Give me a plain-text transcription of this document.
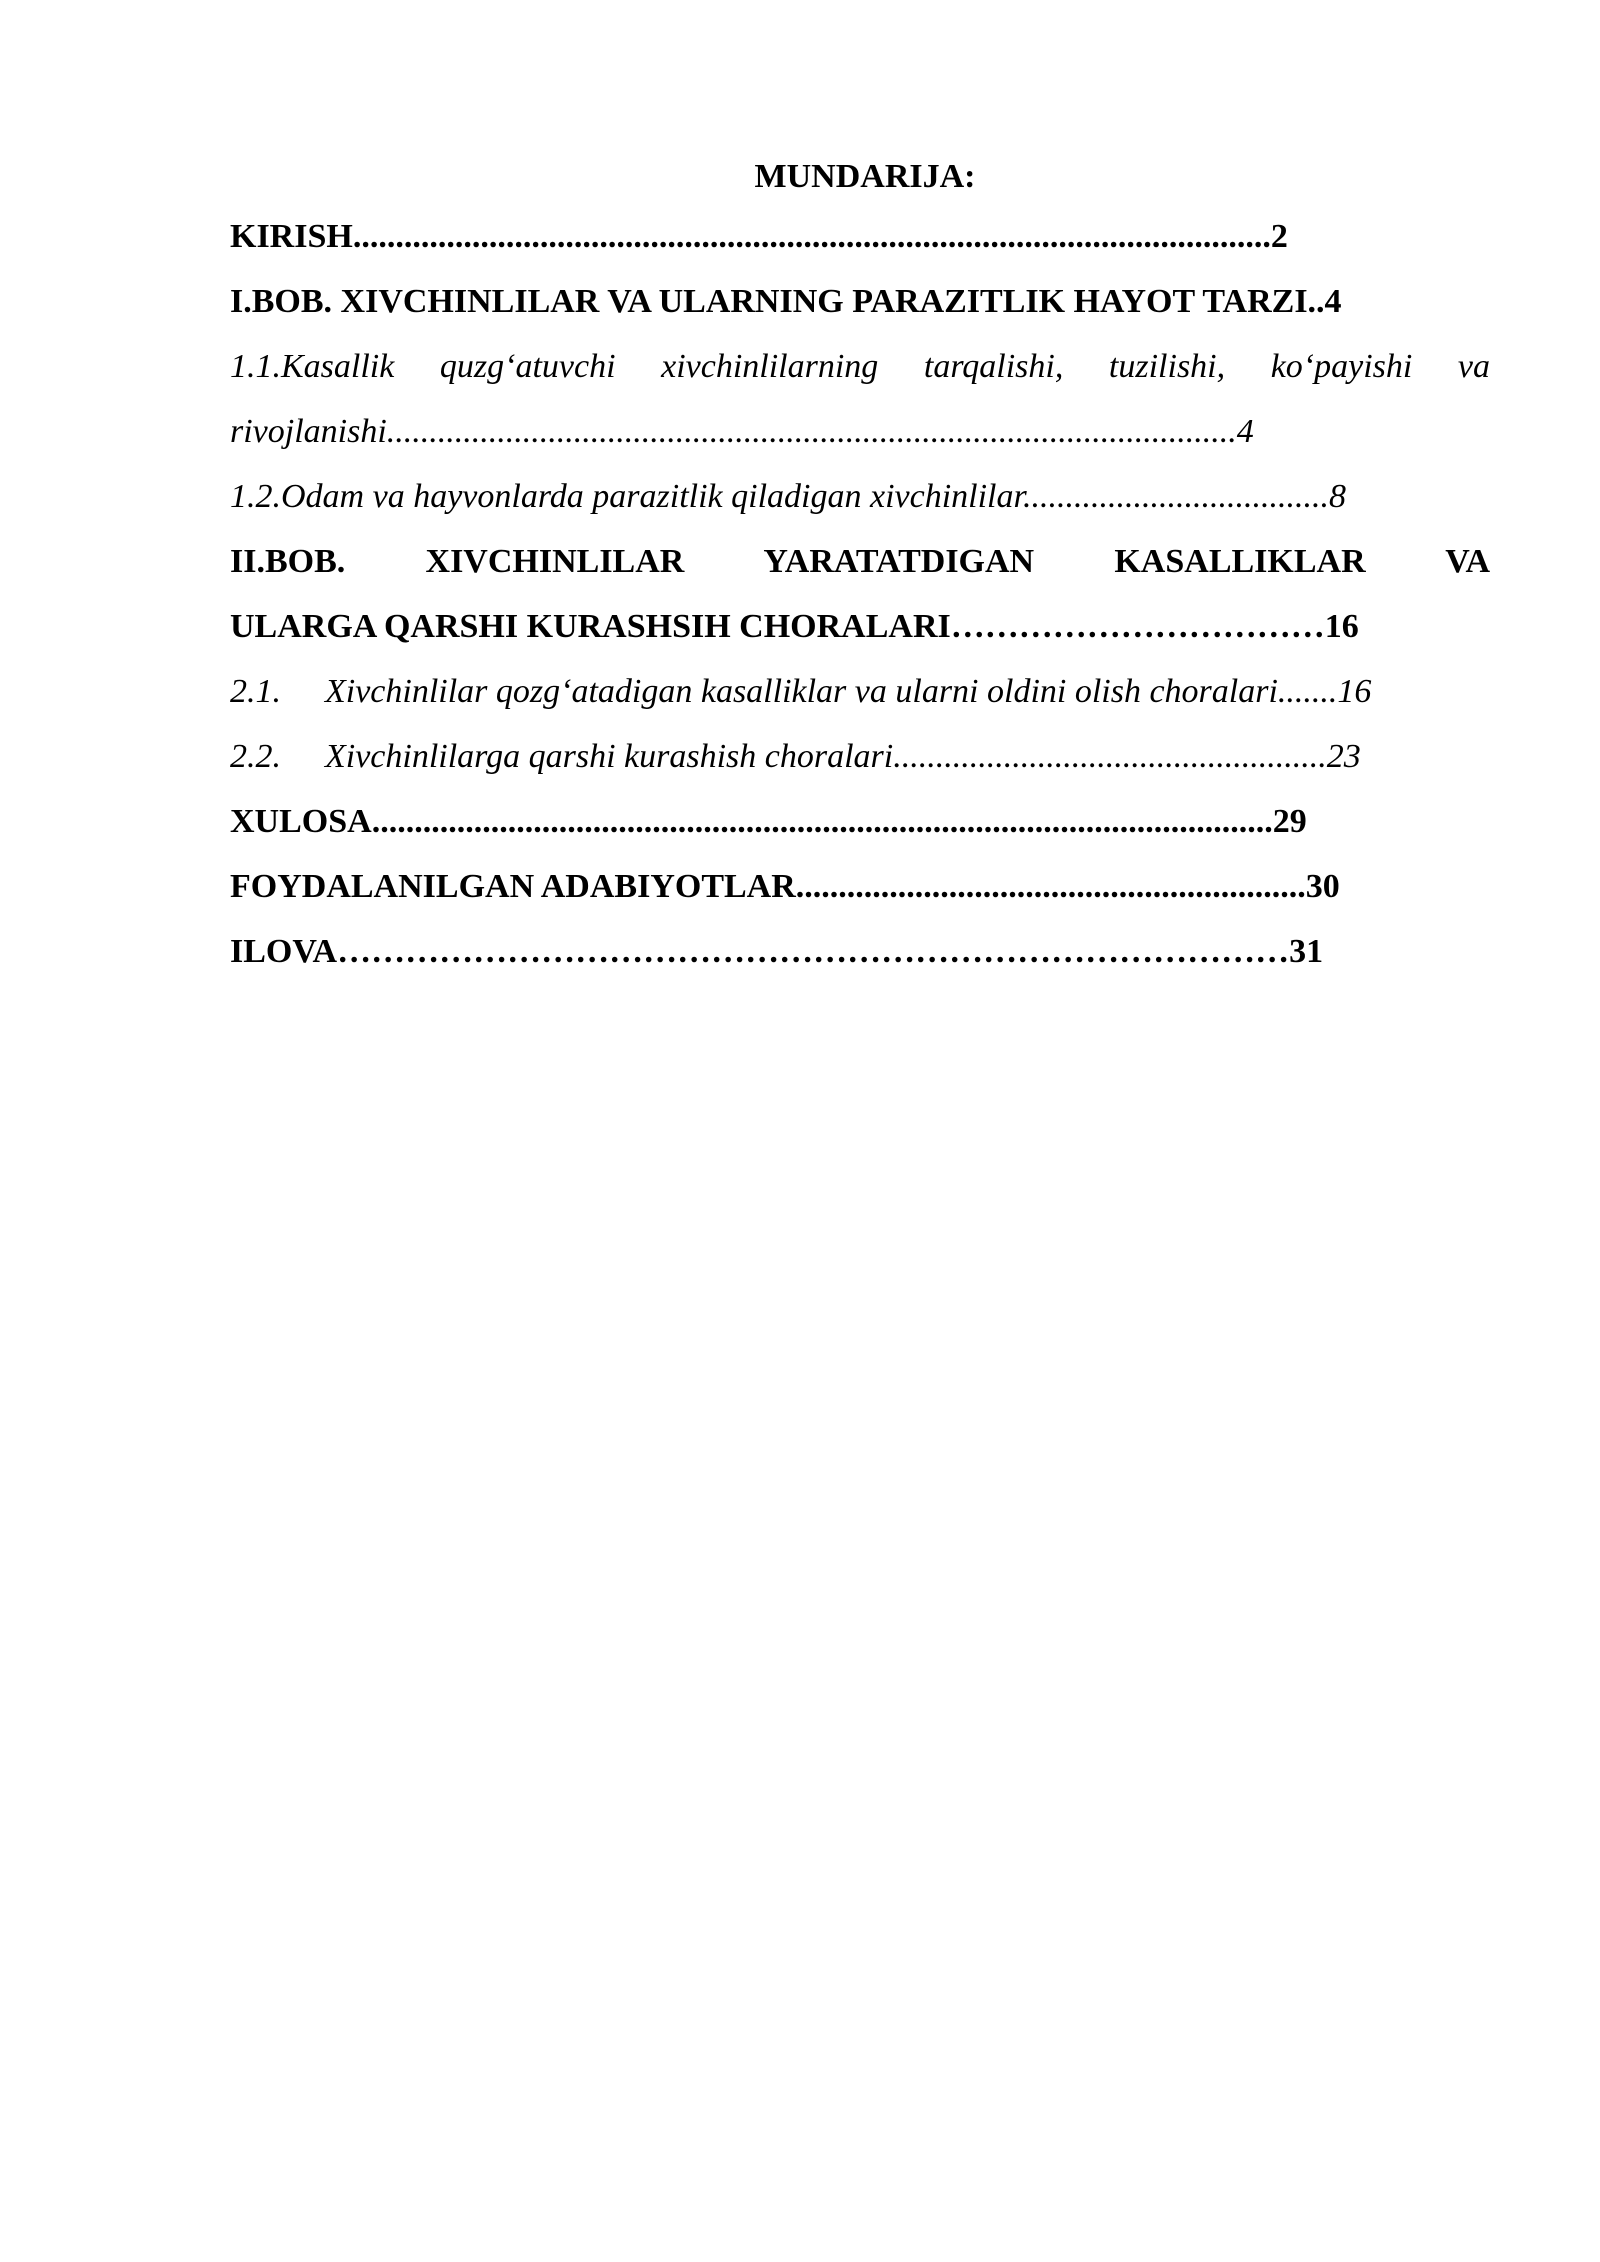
MUNDARIJA:
KIRISH............................................................................................................2
I.BOB. XIVCHINLILAR VA ULARNING PARAZITLIK HAYOT TARZI..4
1.1.Kasallik quzg‘atuvchi xivchinlilarning tarqalishi, tuzilishi, ko‘payishi va
rivojlanishi....................................................................................................4
1.2.Odam va hayvonlarda parazitlik qiladigan xivchinlilar....................................8
II.BOB. XIVCHINLILAR YARATATDIGAN KASALLIKLAR VA
ULARGA QARSHI KURASHSIH CHORALARI……………………………16
2.1. Xivchinlilar qozg‘atadigan kasalliklar va ularni oldini olish choralari.......16
2.2. Xivchinlilarga qarshi kurashish choralari...................................................23
XULOSA..........................................................................................................29
FOYDALANILGAN ADABIYOTLAR............................................................30
ILOVA…………………………………………………………………………31
